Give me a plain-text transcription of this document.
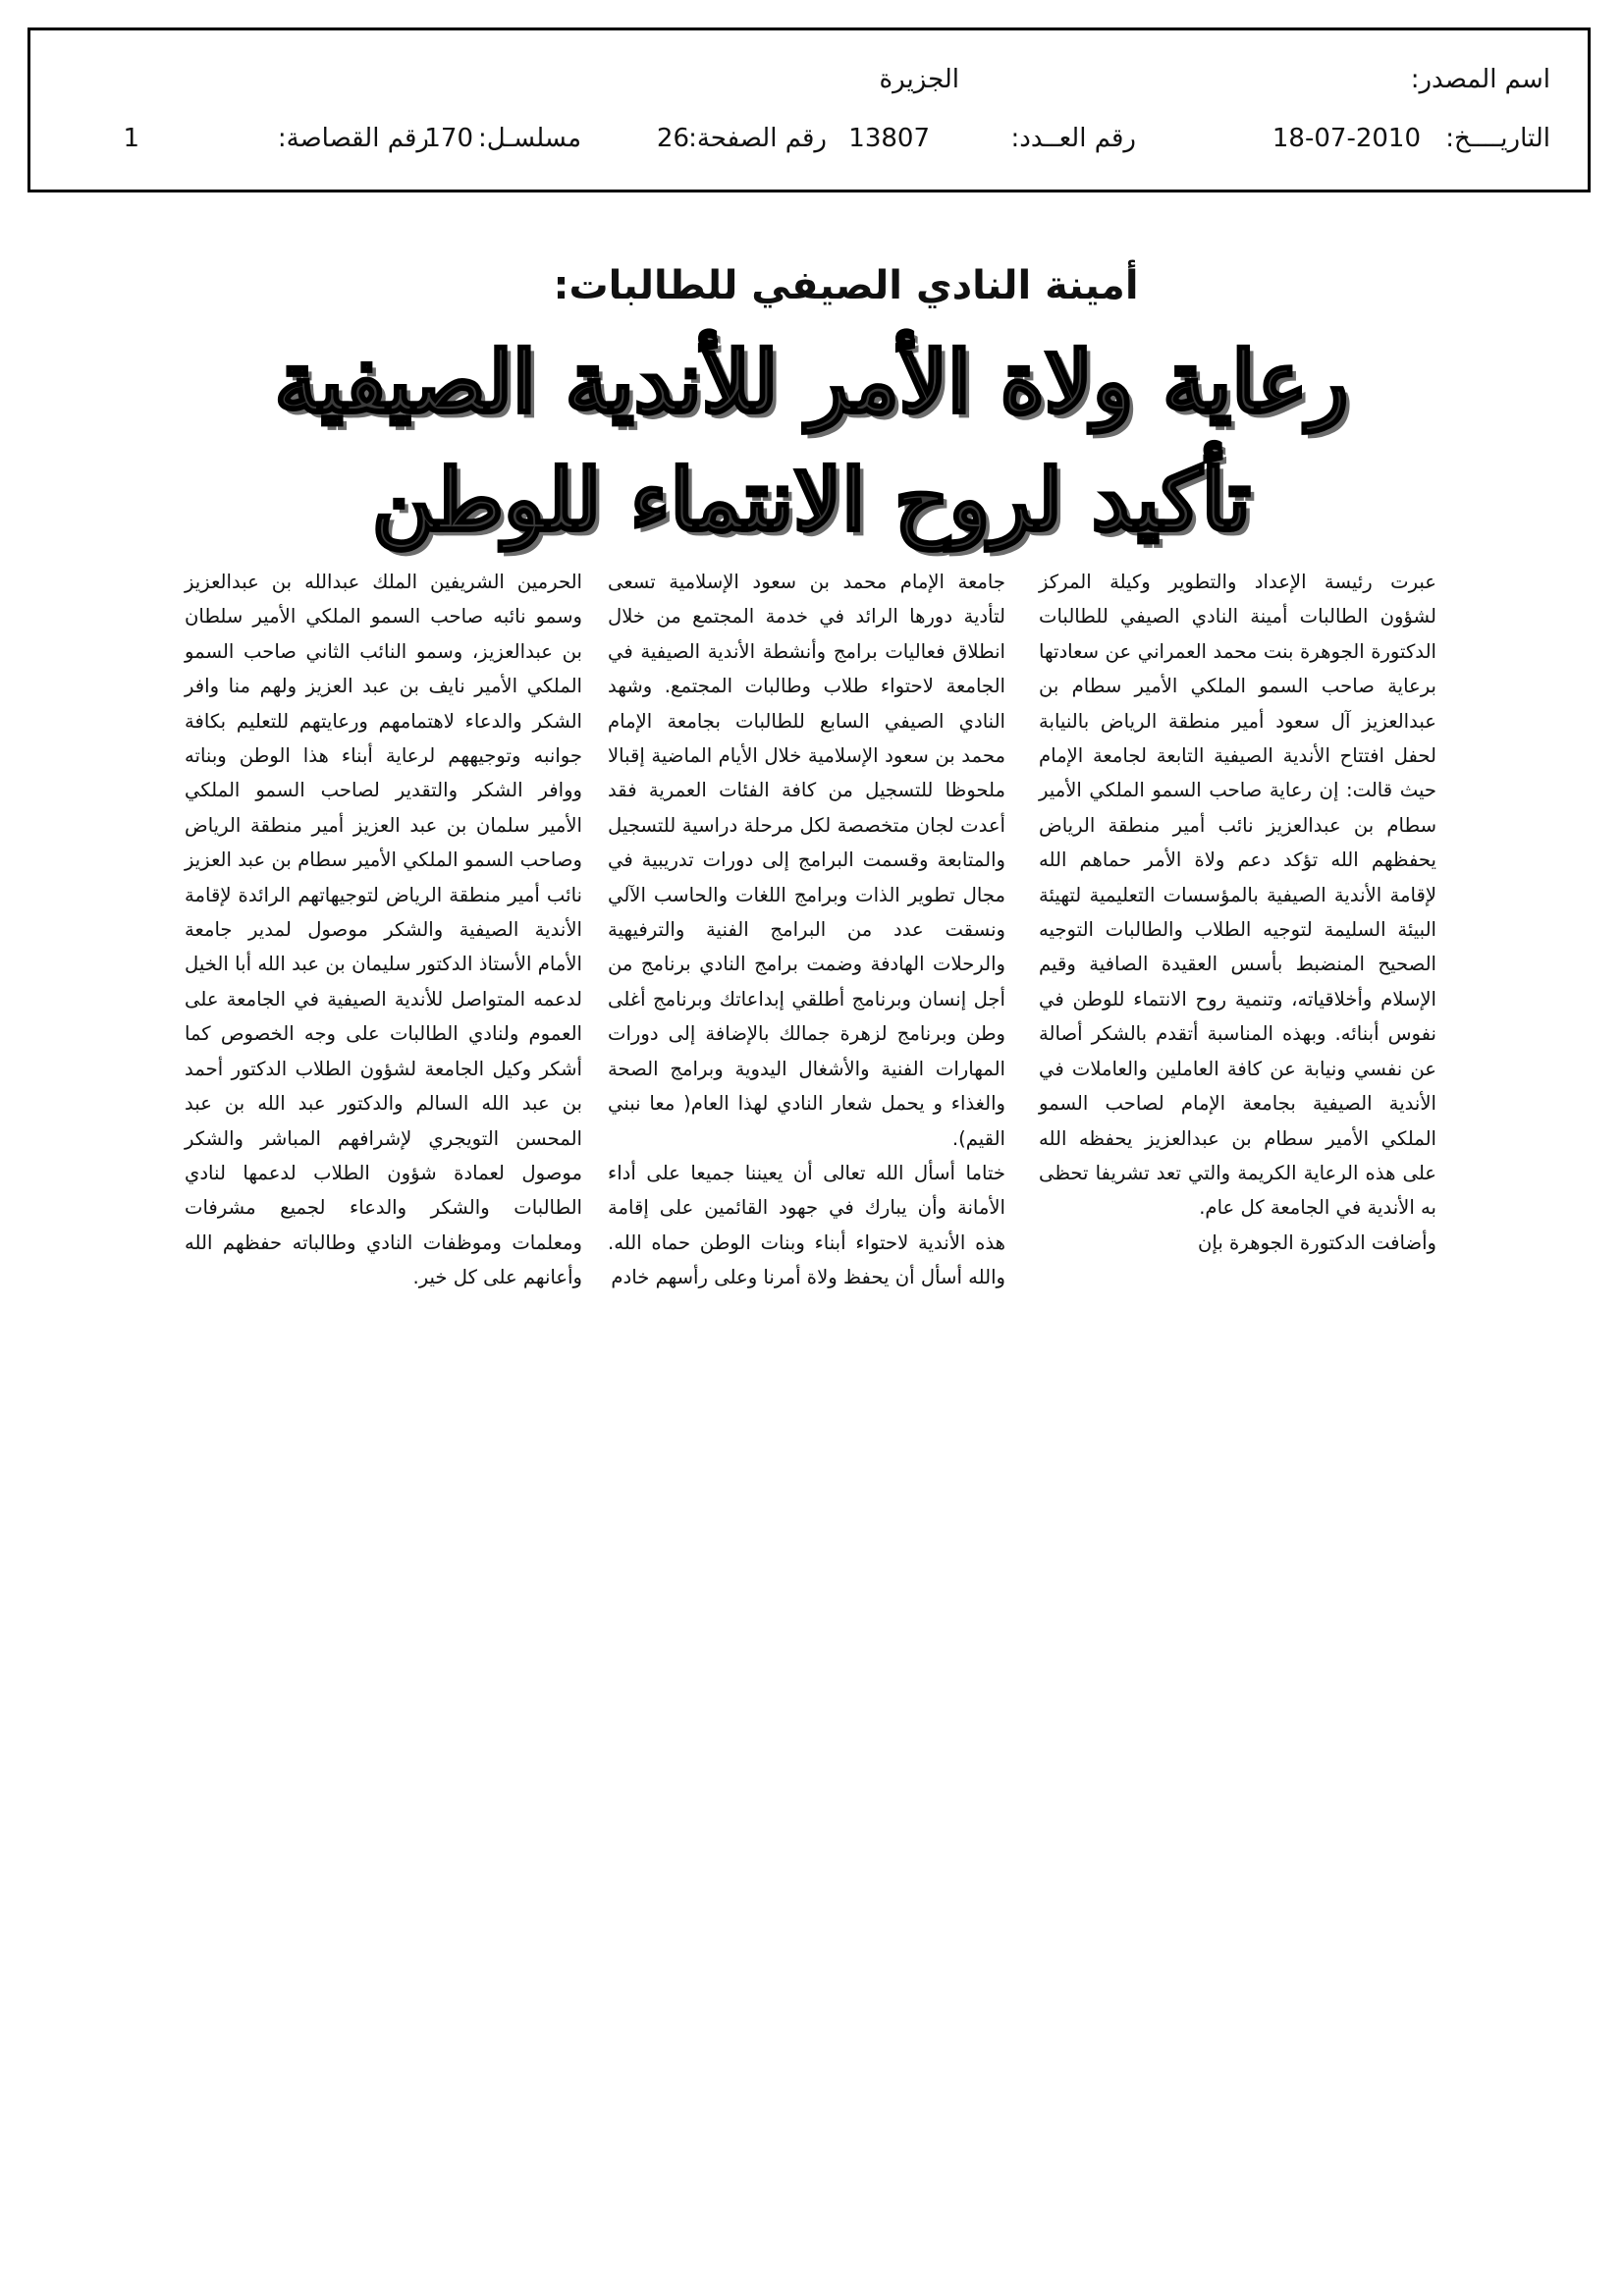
اسم المصدر:
الجزيرة
التاريــــخ:
18-07-2010
رقم العــدد:
13807
رقم الصفحة:
26
مسلسـل:
170
رقم القصاصة:
1
أمينة النادي الصيفي للطالبات:
رعاية ولاة الأمر للأندية الصيفية
تأكيد لروح الانتماء للوطن

عبرت رئيسة الإعداد والتطوير وكيلة المركز لشؤون الطالبات أمينة النادي الصيفي للطالبات الدكتورة الجوهرة بنت محمد العمراني عن سعادتها برعاية صاحب السمو الملكي الأمير سطام بن عبدالعزيز آل سعود أمير منطقة الرياض بالنيابة لحفل افتتاح الأندية الصيفية التابعة لجامعة الإمام حيث قالت: إن رعاية صاحب السمو الملكي الأمير سطام بن عبدالعزيز نائب أمير منطقة الرياض يحفظهم الله تؤكد دعم ولاة الأمر حماهم الله لإقامة الأندية الصيفية بالمؤسسات التعليمية لتهيئة البيئة السليمة لتوجيه الطلاب والطالبات التوجيه الصحيح المنضبط بأسس العقيدة الصافية وقيم الإسلام وأخلاقياته، وتنمية روح الانتماء للوطن في نفوس أبنائه. وبهذه المناسبة أتقدم بالشكر أصالة عن نفسي ونيابة عن كافة العاملين والعاملات في الأندية الصيفية بجامعة الإمام لصاحب السمو الملكي الأمير سطام بن عبدالعزيز يحفظه الله على هذه الرعاية الكريمة والتي تعد تشريفا تحظى به الأندية في الجامعة كل عام.

وأضافت الدكتورة الجوهرة بإن

جامعة الإمام محمد بن سعود الإسلامية تسعى لتأدية دورها الرائد في خدمة المجتمع من خلال انطلاق فعاليات برامج وأنشطة الأندية الصيفية في الجامعة لاحتواء طلاب وطالبات المجتمع. وشهد النادي الصيفي السابع للطالبات بجامعة الإمام محمد بن سعود الإسلامية خلال الأيام الماضية إقبالا ملحوظا للتسجيل من كافة الفئات العمرية فقد أعدت لجان متخصصة لكل مرحلة دراسية للتسجيل والمتابعة وقسمت البرامج إلى دورات تدريبية في مجال تطوير الذات وبرامج اللغات والحاسب الآلي ونسقت عدد من البرامج الفنية والترفيهية والرحلات الهادفة وضمت برامج النادي برنامج من أجل إنسان وبرنامج أطلقي إبداعاتك وبرنامج أغلى وطن وبرنامج لزهرة جمالك بالإضافة إلى دورات المهارات الفنية والأشغال اليدوية وبرامج الصحة والغذاء و يحمل شعار النادي لهذا العام( معا نبني القيم).

ختاما أسأل الله تعالى أن يعيننا جميعا على أداء الأمانة وأن يبارك في جهود القائمين على إقامة هذه الأندية لاحتواء أبناء وبنات الوطن حماه الله. والله أسأل أن يحفظ ولاة أمرنا وعلى رأسهم خادم

الحرمين الشريفين الملك عبدالله بن عبدالعزيز وسمو نائبه صاحب السمو الملكي الأمير سلطان بن عبدالعزيز، وسمو النائب الثاني صاحب السمو الملكي الأمير نايف بن عبد العزيز ولهم منا وافر الشكر والدعاء لاهتمامهم ورعايتهم للتعليم بكافة جوانبه وتوجيههم لرعاية أبناء هذا الوطن وبناته ووافر الشكر والتقدير لصاحب السمو الملكي الأمير سلمان بن عبد العزيز أمير منطقة الرياض وصاحب السمو الملكي الأمير سطام بن عبد العزيز نائب أمير منطقة الرياض لتوجيهاتهم الرائدة لإقامة الأندية الصيفية والشكر موصول لمدير جامعة الأمام الأستاذ الدكتور سليمان بن عبد الله أبا الخيل لدعمه المتواصل للأندية الصيفية في الجامعة على العموم ولنادي الطالبات على وجه الخصوص كما أشكر وكيل الجامعة لشؤون الطلاب الدكتور أحمد بن عبد الله السالم والدكتور عبد الله بن عبد المحسن التويجري لإشرافهم المباشر والشكر موصول لعمادة شؤون الطلاب لدعمها لنادي الطالبات والشكر والدعاء لجميع مشرفات ومعلمات وموظفات النادي وطالباته حفظهم الله وأعانهم على كل خير.
